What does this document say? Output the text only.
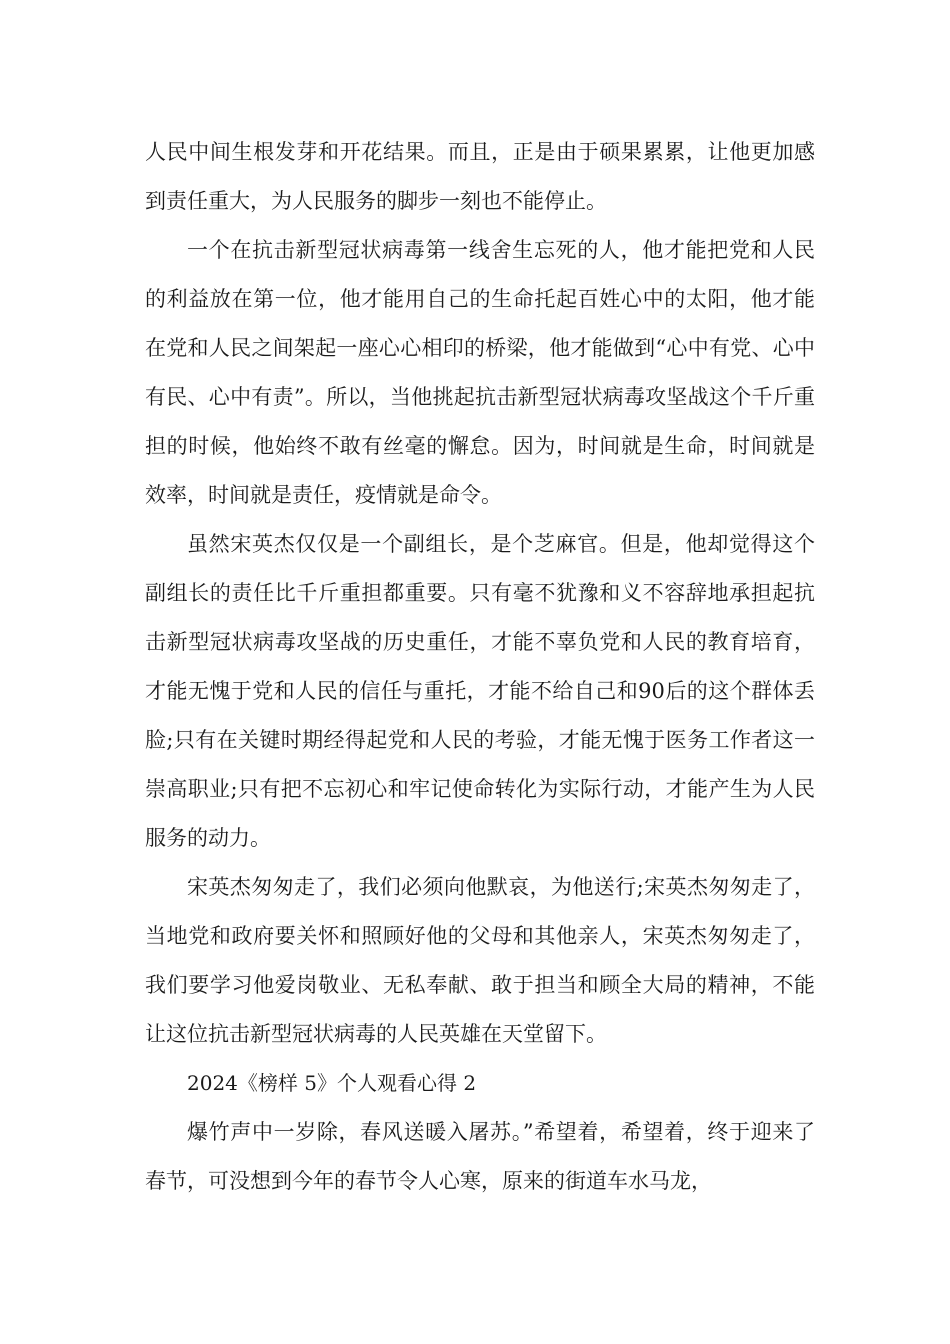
人民中间生根发芽和开花结果。而且，正是由于硕果累累，让他更加感到责任重大，为人民服务的脚步一刻也不能停止。

一个在抗击新型冠状病毒第一线舍生忘死的人，他才能把党和人民的利益放在第一位，他才能用自己的生命托起百姓心中的太阳，他才能在党和人民之间架起一座心心相印的桥梁，他才能做到“心中有党、心中有民、心中有责”。所以，当他挑起抗击新型冠状病毒攻坚战这个千斤重担的时候，他始终不敢有丝毫的懈怠。因为，时间就是生命，时间就是效率，时间就是责任，疫情就是命令。

虽然宋英杰仅仅是一个副组长，是个芝麻官。但是，他却觉得这个副组长的责任比千斤重担都重要。只有毫不犹豫和义不容辞地承担起抗击新型冠状病毒攻坚战的历史重任，才能不辜负党和人民的教育培育，才能无愧于党和人民的信任与重托，才能不给自己和90后的这个群体丢脸;只有在关键时期经得起党和人民的考验，才能无愧于医务工作者这一崇高职业;只有把不忘初心和牢记使命转化为实际行动，才能产生为人民服务的动力。

宋英杰匆匆走了，我们必须向他默哀，为他送行;宋英杰匆匆走了，当地党和政府要关怀和照顾好他的父母和其他亲人，宋英杰匆匆走了，我们要学习他爱岗敬业、无私奉献、敢于担当和顾全大局的精神，不能让这位抗击新型冠状病毒的人民英雄在天堂留下。

2024《榜样 5》个人观看心得 2

爆竹声中一岁除，春风送暖入屠苏。”希望着，希望着，终于迎来了春节，可没想到今年的春节令人心寒，原来的街道车水马龙，
